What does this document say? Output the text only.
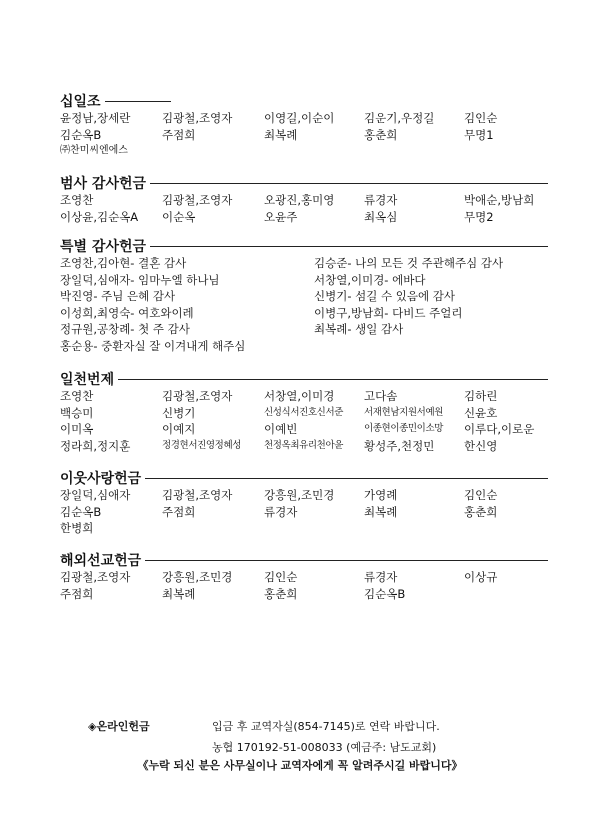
십일조
윤정남,장세란	김광철,조영자	이영길,이순이	김운기,우정길	김인순
김순옥B	주점희	최복례	홍춘희	무명1
㈜찬미씨엔에스
범사 감사헌금
조영찬	김광철,조영자	오광진,홍미영	류경자	박애순,방남희
이상윤,김순옥A	이순옥	오윤주	최옥심	무명2
특별 감사헌금
조영찬,김아현- 결혼 감사	김승준- 나의 모든 것 주관해주심 감사
장일덕,심애자- 임마누엘 하나님	서창열,이미경- 에바다
박진영- 주님 은혜 감사	신병기- 섬길 수 있음에 감사
이성희,최영숙- 여호와이레	이병구,방남희- 다비드 주얼리
정규원,공창례- 첫 주 감사	최복례- 생일 감사
홍순용- 중환자실 잘 이겨내게 해주심
일천번제
조영찬	김광철,조영자	서창열,이미경	고다솜	김하린
백승미	신병기	신성식서진호신서준	서재현남지원서예원	신윤호
이미옥	이예지	이예빈	이종현이종민이소망	이루다,이로운
정라희,정지훈	정경현서진영정혜성	천정옥최유리천아윤	황성주,천정민	한신영
이웃사랑헌금
장일덕,심애자	김광철,조영자	강흥원,조민경	가영례	김인순
김순옥B	주점희	류경자	최복례	홍춘희
한병희
해외선교헌금
김광철,조영자	강흥원,조민경	김인순	류경자	이상규
주점희	최복례	홍춘희	김순옥B
◈온라인헌금	입금 후 교역자실(854-7145)로 연락 바랍니다.
농협 170192-51-008033 (예금주: 남도교회)
《누락 되신 분은 사무실이나 교역자에게 꼭 알려주시길 바랍니다》
